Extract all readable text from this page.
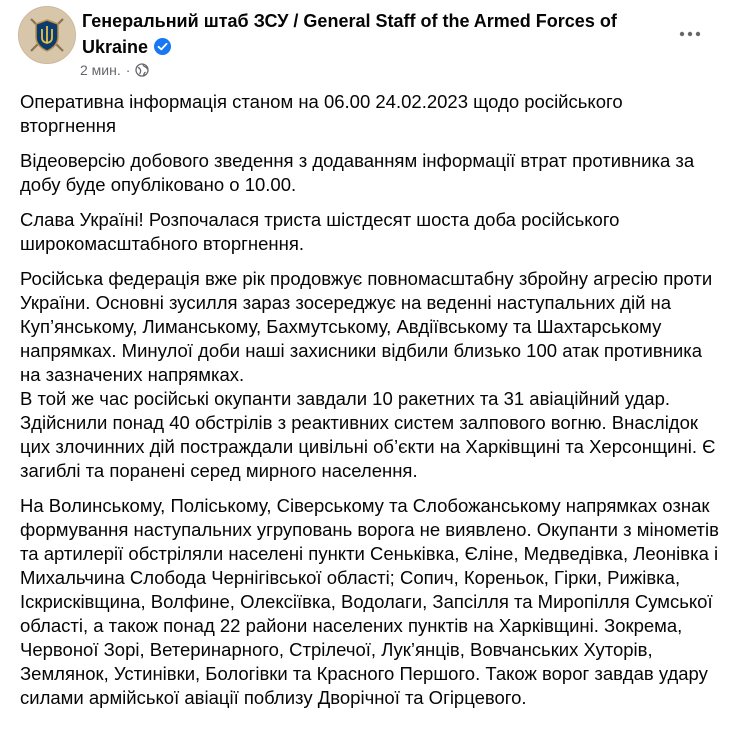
Генеральний штаб ЗСУ / General Staff of the Armed Forces of Ukraine
2 мин. ·

Оперативна інформація станом на 06.00 24.02.2023 щодо російського вторгнення

Відеоверсію добового зведення з додаванням інформації втрат противника за добу буде опубліковано о 10.00.

Слава Україні! Розпочалася триста шістдесят шоста доба російського широкомасштабного вторгнення.

Російська федерація вже рік продовжує повномасштабну збройну агресію проти України. Основні зусилля зараз зосереджує на веденні наступальних дій на Куп’янському, Лиманському, Бахмутському, Авдіївському та Шахтарському напрямках. Минулої доби наші захисники відбили близько 100 атак противника на зазначених напрямках.
В той же час російські окупанти завдали 10 ракетних та 31 авіаційний удар. Здійснили понад 40 обстрілів з реактивних систем залпового вогню. Внаслідок цих злочинних дій постраждали цивільні об’єкти на Харківщині та Херсонщині. Є загиблі та поранені серед мирного населення.

На Волинському, Поліському, Сіверському та Слобожанському напрямках ознак формування наступальних угруповань ворога не виявлено. Окупанти з мінометів та артилерії обстріляли населені пункти Сеньківка, Єліне, Медведівка, Леонівка і Михальчина Слобода Чернігівської області; Сопич, Кореньок, Гірки, Рижівка, Іскрисківщина, Волфине, Олексіївка, Водолаги, Запсілля та Миропілля Сумської області, а також понад 22 райони населених пунктів на Харківщині. Зокрема, Червоної Зорі, Ветеринарного, Стрілечої, Лук’янців, Вовчанських Хуторів, Землянок, Устинівки, Бологівки та Красного Першого. Також ворог завдав удару силами армійської авіації поблизу Дворічної та Огірцевого.
